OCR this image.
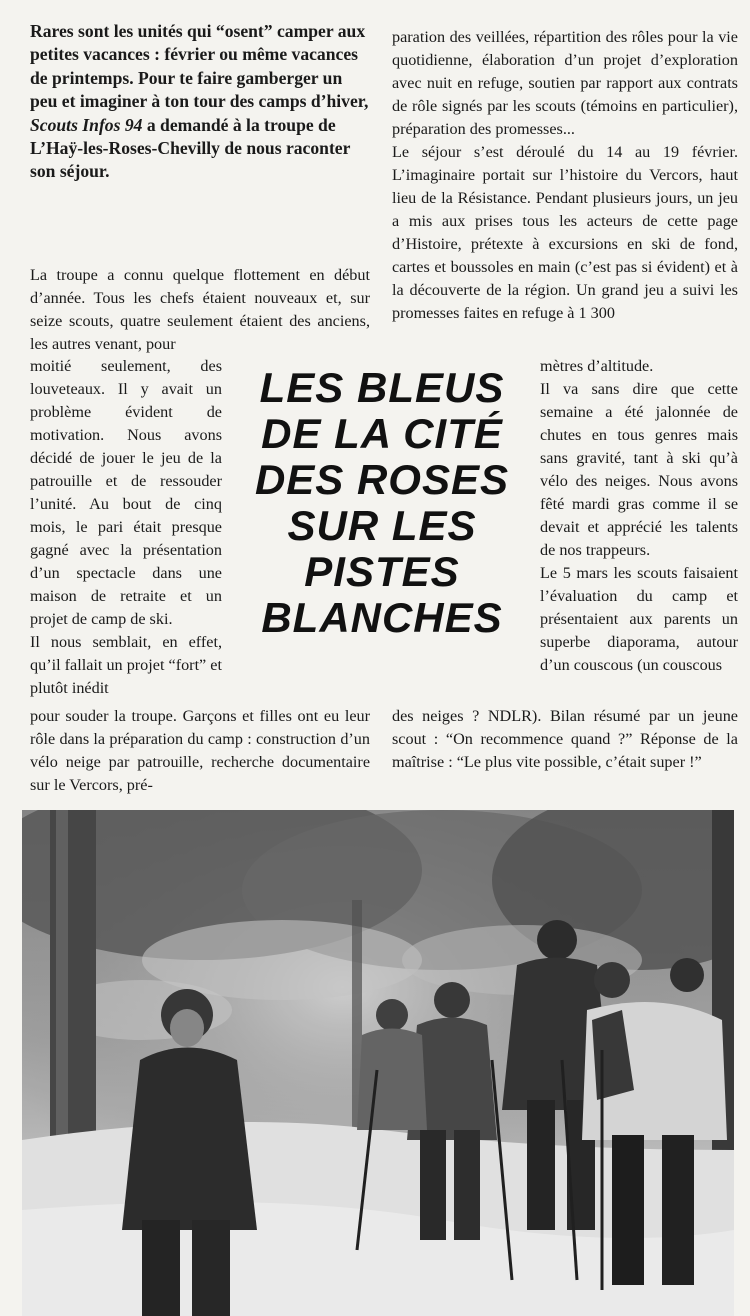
Rares sont les unités qui “osent” camper aux petites vacances : février ou même vacances de printemps. Pour te faire gamberger un peu et imaginer à ton tour des camps d’hiver, Scouts Infos 94 a demandé à la troupe de L’Haÿ-les-Roses-Chevilly de nous raconter son séjour.

La troupe a connu quelque flottement en début d’année. Tous les chefs étaient nouveaux et, sur seize scouts, quatre seulement étaient des anciens, les autres venant, pour

moitié seulement, des louveteaux. Il y avait un problème évident de motivation. Nous avons décidé de jouer le jeu de la patrouille et de ressouder l’unité. Au bout de cinq mois, le pari était presque gagné avec la présentation d’un spectacle dans une maison de retraite et un projet de camp de ski.

Il nous semblait, en effet, qu’il fallait un projet “fort” et plutôt inédit

pour souder la troupe. Garçons et filles ont eu leur rôle dans la préparation du camp : construction d’un vélo neige par patrouille, recherche documentaire sur le Vercors, pré-

LES BLEUS
DE LA CITÉ
DES ROSES
SUR LES
PISTES
BLANCHES

paration des veillées, répartition des rôles pour la vie quotidienne, élaboration d’un projet d’exploration avec nuit en refuge, soutien par rapport aux contrats de rôle signés par les scouts (témoins en particulier), préparation des promesses...

Le séjour s’est déroulé du 14 au 19 février. L’imaginaire portait sur l’histoire du Vercors, haut lieu de la Résistance. Pendant plusieurs jours, un jeu a mis aux prises tous les acteurs de cette page d’Histoire, prétexte à excursions en ski de fond, cartes et boussoles en main (c’est pas si évident) et à la découverte de la région. Un grand jeu a suivi les promesses faites en refuge à 1 300

mètres d’altitude.

Il va sans dire que cette semaine a été jalonnée de chutes en tous genres mais sans gravité, tant à ski qu’à vélo des neiges. Nous avons fêté mardi gras comme il se devait et apprécié les talents de nos trappeurs.

Le 5 mars les scouts faisaient l’évaluation du camp et présentaient aux parents un superbe diaporama, autour d’un couscous (un couscous

des neiges ? NDLR). Bilan résumé par un jeune scout : “On recommence quand ?” Réponse de la maîtrise : “Le plus vite possible, c’était super !”
